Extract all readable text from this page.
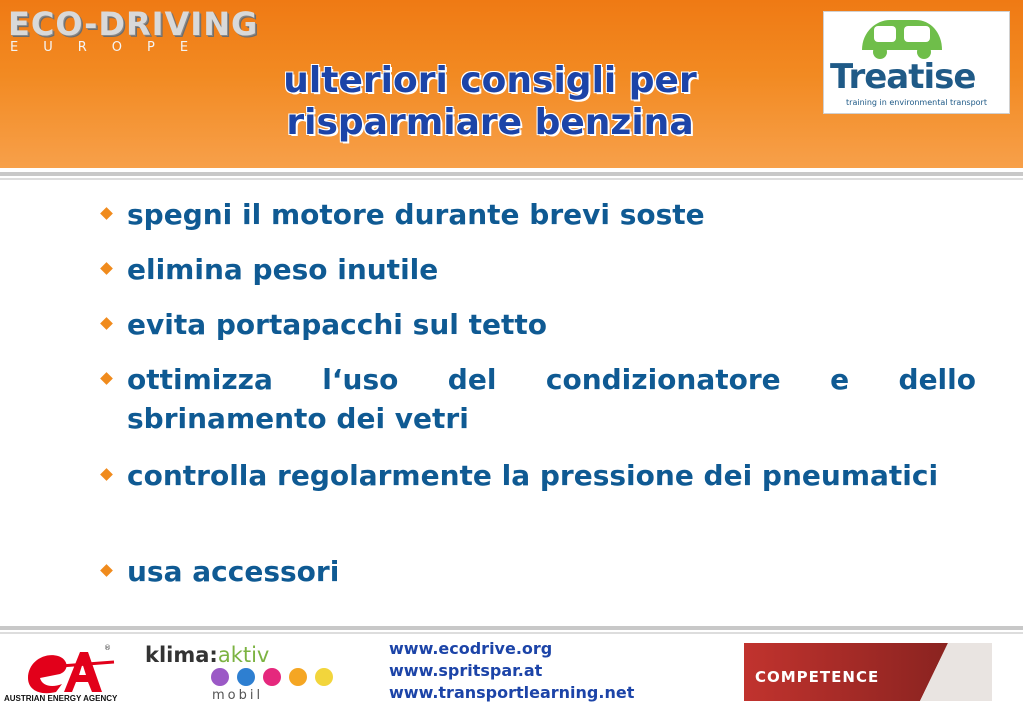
ECO-DRIVING
EUROPE
ulteriori consigli per
risparmiare benzina
Treatise
training in environmental transport
spegni il motore durante brevi soste
elimina peso inutile
evita portapacchi sul tetto
ottimizza l‘uso del condizionatore e dello sbrinamento dei vetri
controlla regolarmente la pressione dei pneumatici
usa accessori
®
AUSTRIAN ENERGY AGENCY
klima:aktiv
mobil
www.ecodrive.org
www.spritspar.at
www.transportlearning.net
COMPETENCE
